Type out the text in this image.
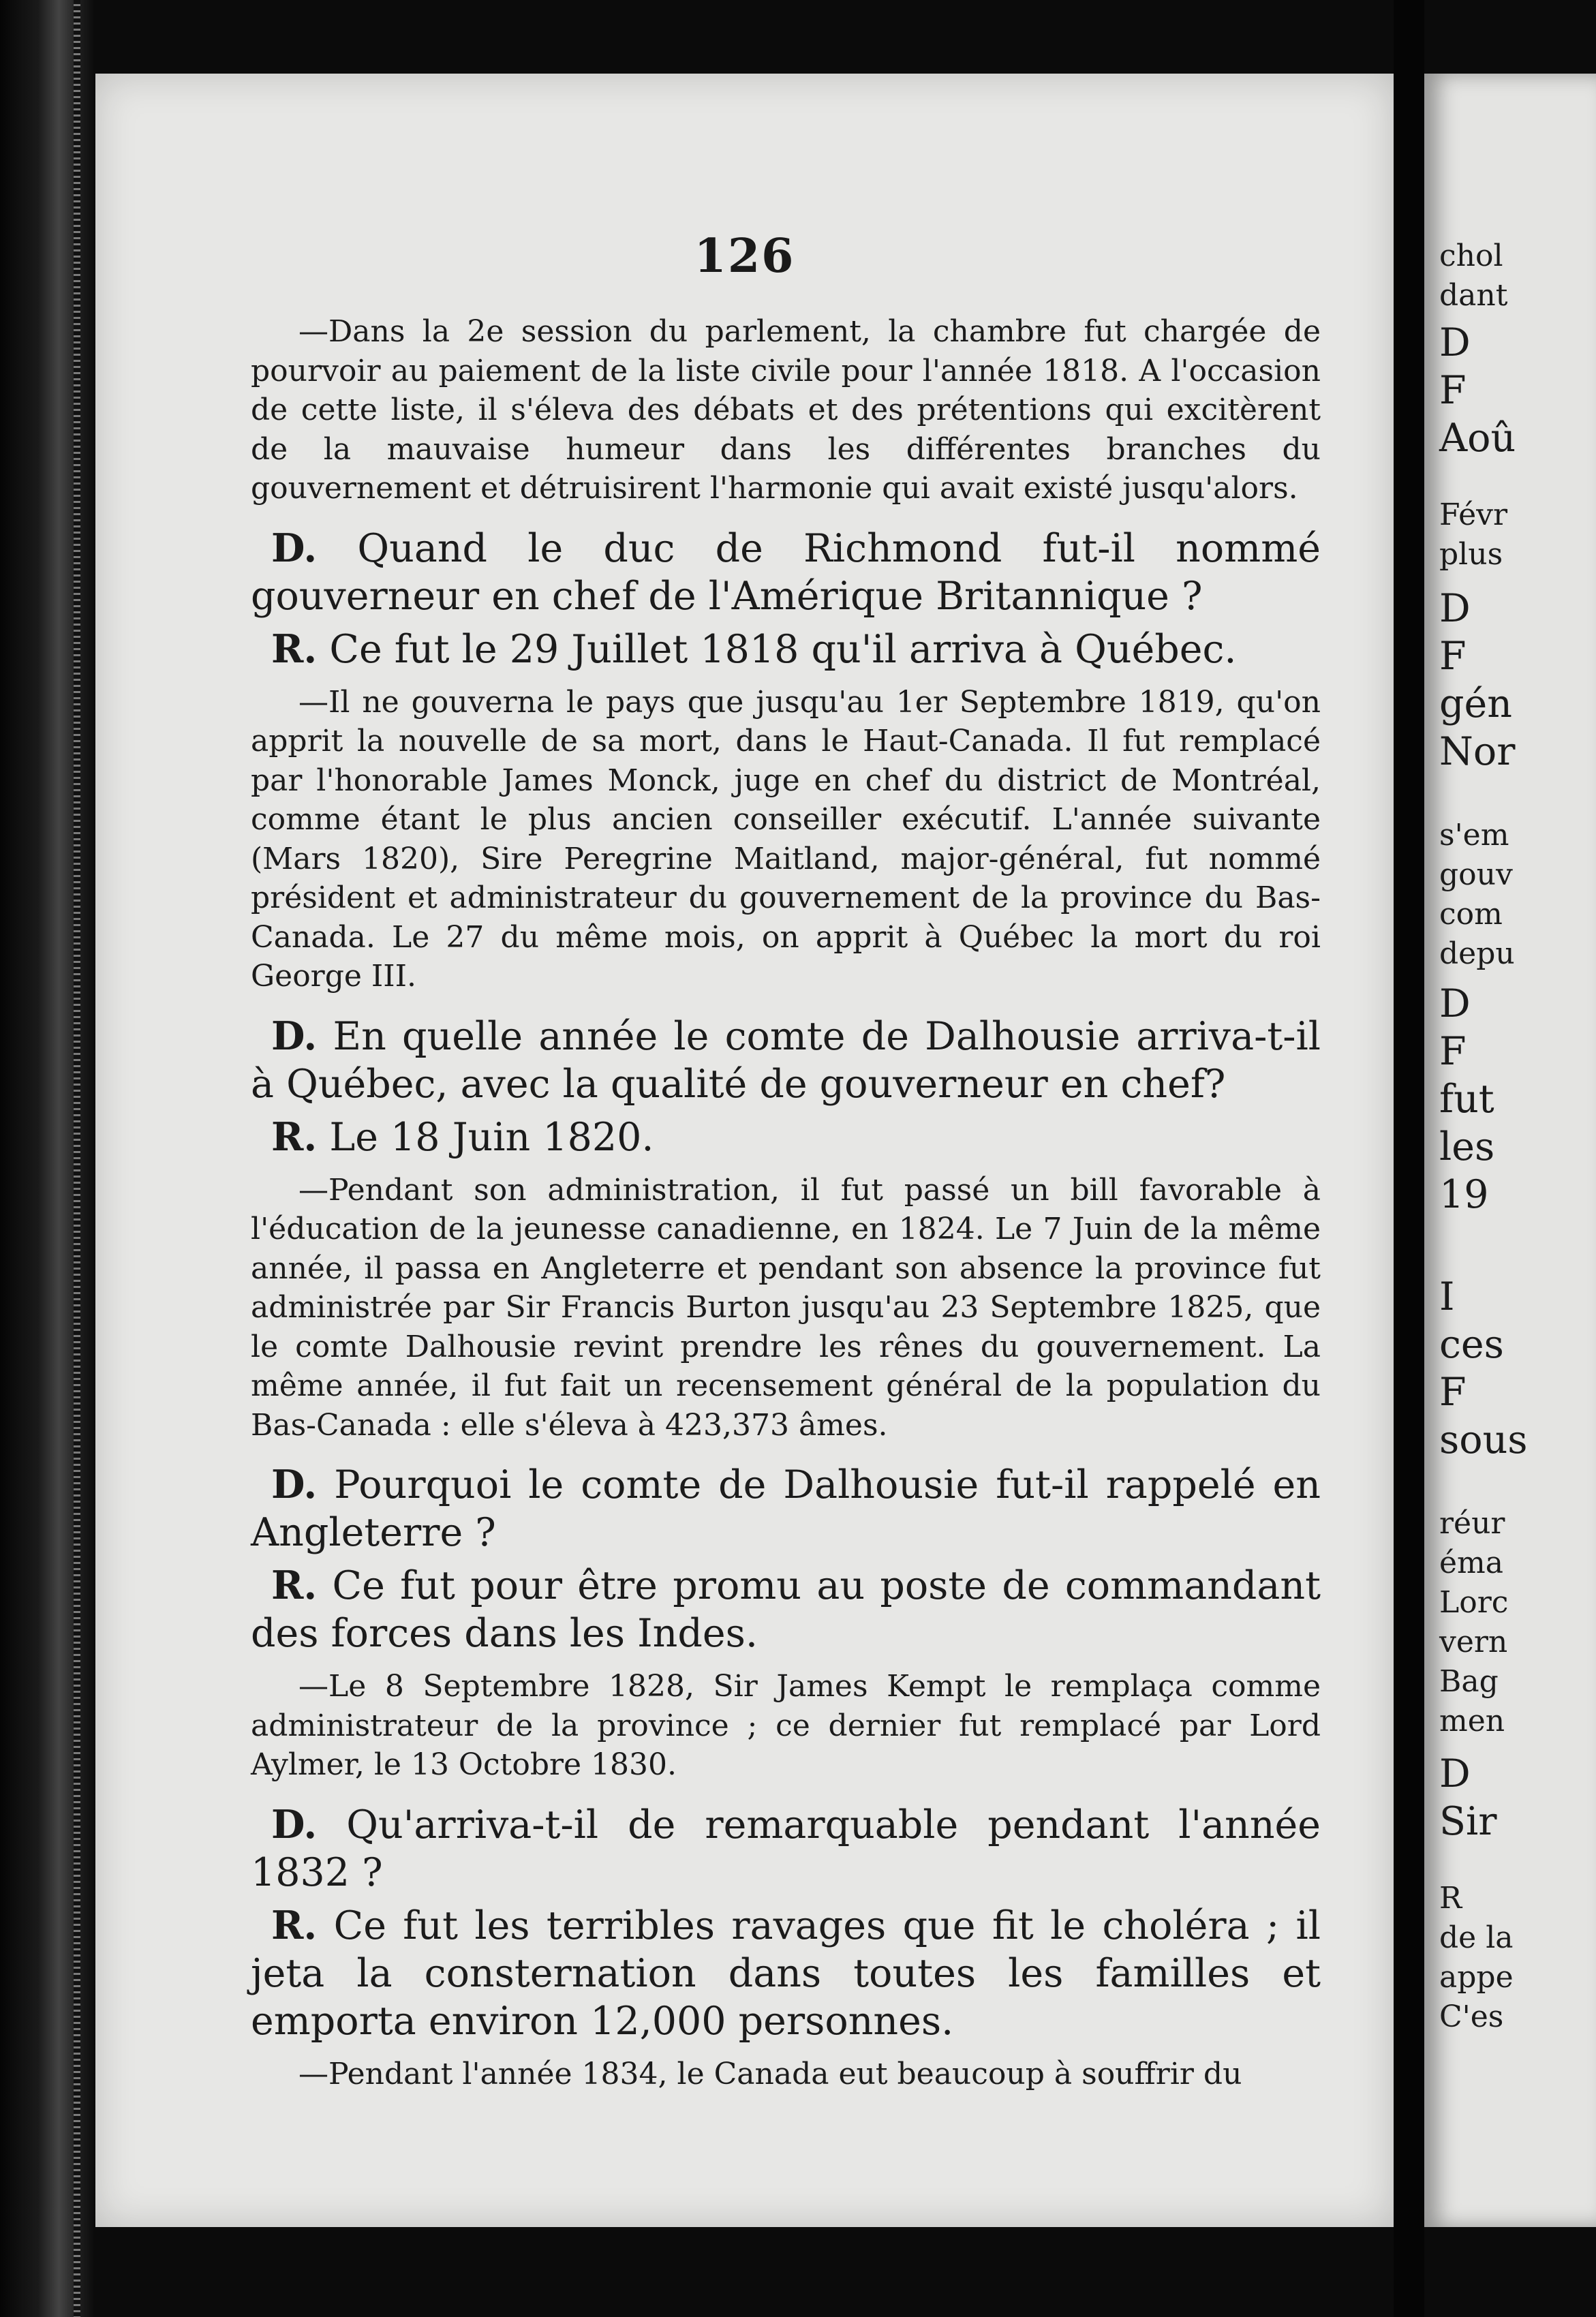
126

—Dans la 2e session du parlement, la chambre fut chargée de pourvoir au paiement de la liste civile pour l'année 1818. A l'occasion de cette liste, il s'éleva des débats et des prétentions qui excitèrent de la mauvaise humeur dans les différentes branches du gouvernement et détruisirent l'harmonie qui avait existé jusqu'alors.

D. Quand le duc de Richmond fut-il nommé gouverneur en chef de l'Amérique Britannique ?

R. Ce fut le 29 Juillet 1818 qu'il arriva à Québec.

—Il ne gouverna le pays que jusqu'au 1er Septembre 1819, qu'on apprit la nouvelle de sa mort, dans le Haut-Canada. Il fut remplacé par l'honorable James Monck, juge en chef du district de Montréal, comme étant le plus ancien conseiller exécutif. L'année suivante (Mars 1820), Sire Peregrine Maitland, major-général, fut nommé président et administrateur du gouvernement de la province du Bas-Canada. Le 27 du même mois, on apprit à Québec la mort du roi George III.

D. En quelle année le comte de Dalhousie arriva-t-il à Québec, avec la qualité de gouverneur en chef?

R. Le 18 Juin 1820.

—Pendant son administration, il fut passé un bill favorable à l'éducation de la jeunesse canadienne, en 1824. Le 7 Juin de la même année, il passa en Angleterre et pendant son absence la province fut administrée par Sir Francis Burton jusqu'au 23 Septembre 1825, que le comte Dalhousie revint prendre les rênes du gouvernement. La même année, il fut fait un recensement général de la population du Bas-Canada : elle s'éleva à 423,373 âmes.

D. Pourquoi le comte de Dalhousie fut-il rappelé en Angleterre ?

R. Ce fut pour être promu au poste de commandant des forces dans les Indes.

—Le 8 Septembre 1828, Sir James Kempt le remplaça comme administrateur de la province ; ce dernier fut remplacé par Lord Aylmer, le 13 Octobre 1830.

D. Qu'arriva-t-il de remarquable pendant l'année 1832 ?

R. Ce fut les terribles ravages que fit le choléra ; il jeta la consternation dans toutes les familles et emporta environ 12,000 personnes.

—Pendant l'année 1834, le Canada eut beaucoup à souffrir du

chol
dant
D
F
Aoû
Févr
plus
D
F
gén
Nor
s'em
gouv
com
depu
D
F
fut
les
19
I
ces
F
sous
réur
éma
Lorc
vern
Bag
men
D
Sir
R
de la
appe
C'es
